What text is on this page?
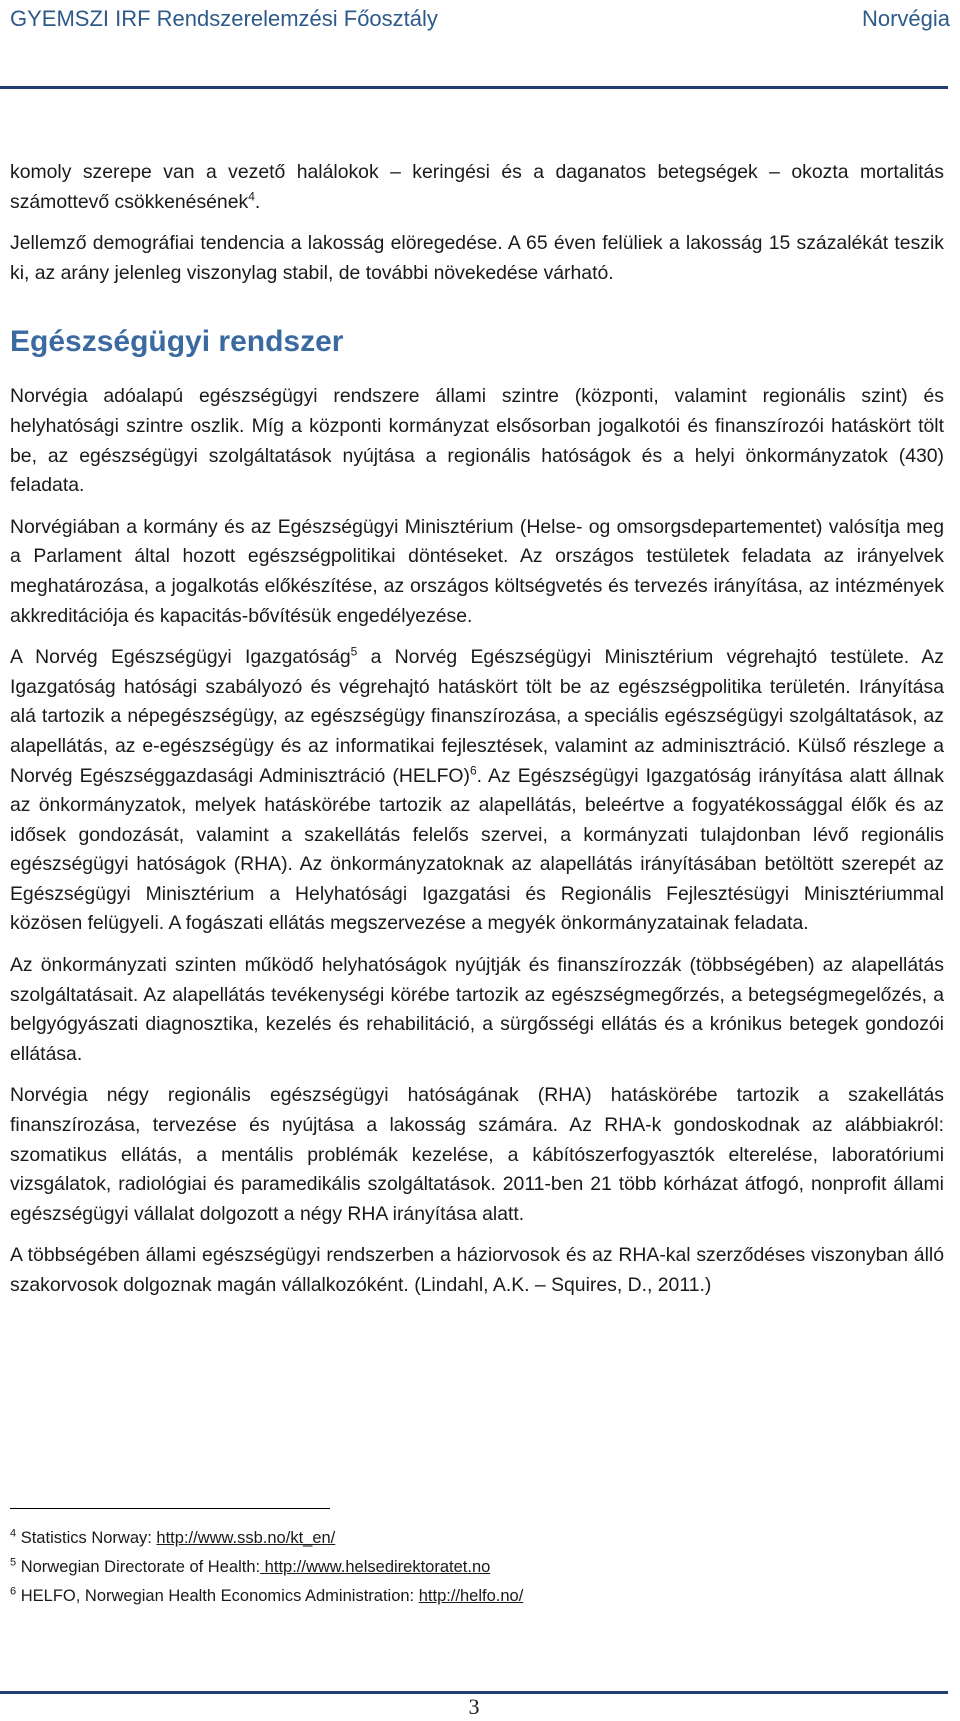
GYEMSZI IRF Rendszerelemzési Főosztály	Norvégia

komoly szerepe van a vezető halálokok – keringési és a daganatos betegségek – okozta mortalitás számottevő csökkenésének$^4$.

Jellemző demográfiai tendencia a lakosság elöregedése. A 65 éven felüliek a lakosság 15 százalékát teszik ki, az arány jelenleg viszonylag stabil, de további növekedése várható.

Egészségügyi rendszer

Norvégia adóalapú egészségügyi rendszere állami szintre (központi, valamint regionális szint) és helyhatósági szintre oszlik. Míg a központi kormányzat elsősorban jogalkotói és finanszírozói hatáskört tölt be, az egészségügyi szolgáltatások nyújtása a regionális hatóságok és a helyi önkormányzatok (430) feladata.

Norvégiában a kormány és az Egészségügyi Minisztérium (Helse- og omsorgsdepartementet) valósítja meg a Parlament által hozott egészségpolitikai döntéseket. Az országos testületek feladata az irányelvek meghatározása, a jogalkotás előkészítése, az országos költségvetés és tervezés irányítása, az intézmények akkreditációja és kapacitás-bővítésük engedélyezése.

A Norvég Egészségügyi Igazgatóság$^5$ a Norvég Egészségügyi Minisztérium végrehajtó testülete. Az Igazgatóság hatósági szabályozó és végrehajtó hatáskört tölt be az egészségpolitika területén. Irányítása alá tartozik a népegészségügy, az egészségügy finanszírozása, a speciális egészségügyi szolgáltatások, az alapellátás, az e-egészségügy és az informatikai fejlesztések, valamint az adminisztráció. Külső részlege a Norvég Egészséggazdasági Adminisztráció (HELFO)$^6$. Az Egészségügyi Igazgatóság irányítása alatt állnak az önkormányzatok, melyek hatáskörébe tartozik az alapellátás, beleértve a fogyatékossággal élők és az idősek gondozását, valamint a szakellátás felelős szervei, a kormányzati tulajdonban lévő regionális egészségügyi hatóságok (RHA). Az önkormányzatoknak az alapellátás irányításában betöltött szerepét az Egészségügyi Minisztérium a Helyhatósági Igazgatási és Regionális Fejlesztésügyi Minisztériummal közösen felügyeli. A fogászati ellátás megszervezése a megyék önkormányzatainak feladata.

Az önkormányzati szinten működő helyhatóságok nyújtják és finanszírozzák (többségében) az alapellátás szolgáltatásait. Az alapellátás tevékenységi körébe tartozik az egészségmegőrzés, a betegségmegelőzés, a belgyógyászati diagnosztika, kezelés és rehabilitáció, a sürgősségi ellátás és a krónikus betegek gondozói ellátása.

Norvégia négy regionális egészségügyi hatóságának (RHA) hatáskörébe tartozik a szakellátás finanszírozása, tervezése és nyújtása a lakosság számára. Az RHA-k gondoskodnak az alábbiakról: szomatikus ellátás, a mentális problémák kezelése, a kábítószerfogyasztók elterelése, laboratóriumi vizsgálatok, radiológiai és paramedikális szolgáltatások. 2011-ben 21 több kórházat átfogó, nonprofit állami egészségügyi vállalat dolgozott a négy RHA irányítása alatt.

A többségében állami egészségügyi rendszerben a háziorvosok és az RHA-kal szerződéses viszonyban álló szakorvosok dolgoznak magán vállalkozóként. (Lindahl, A.K. – Squires, D., 2011.)

$^4$ Statistics Norway: http://www.ssb.no/kt_en/

$^5$ Norwegian Directorate of Health: http://www.helsedirektoratet.no

$^6$ HELFO, Norwegian Health Economics Administration: http://helfo.no/

3
